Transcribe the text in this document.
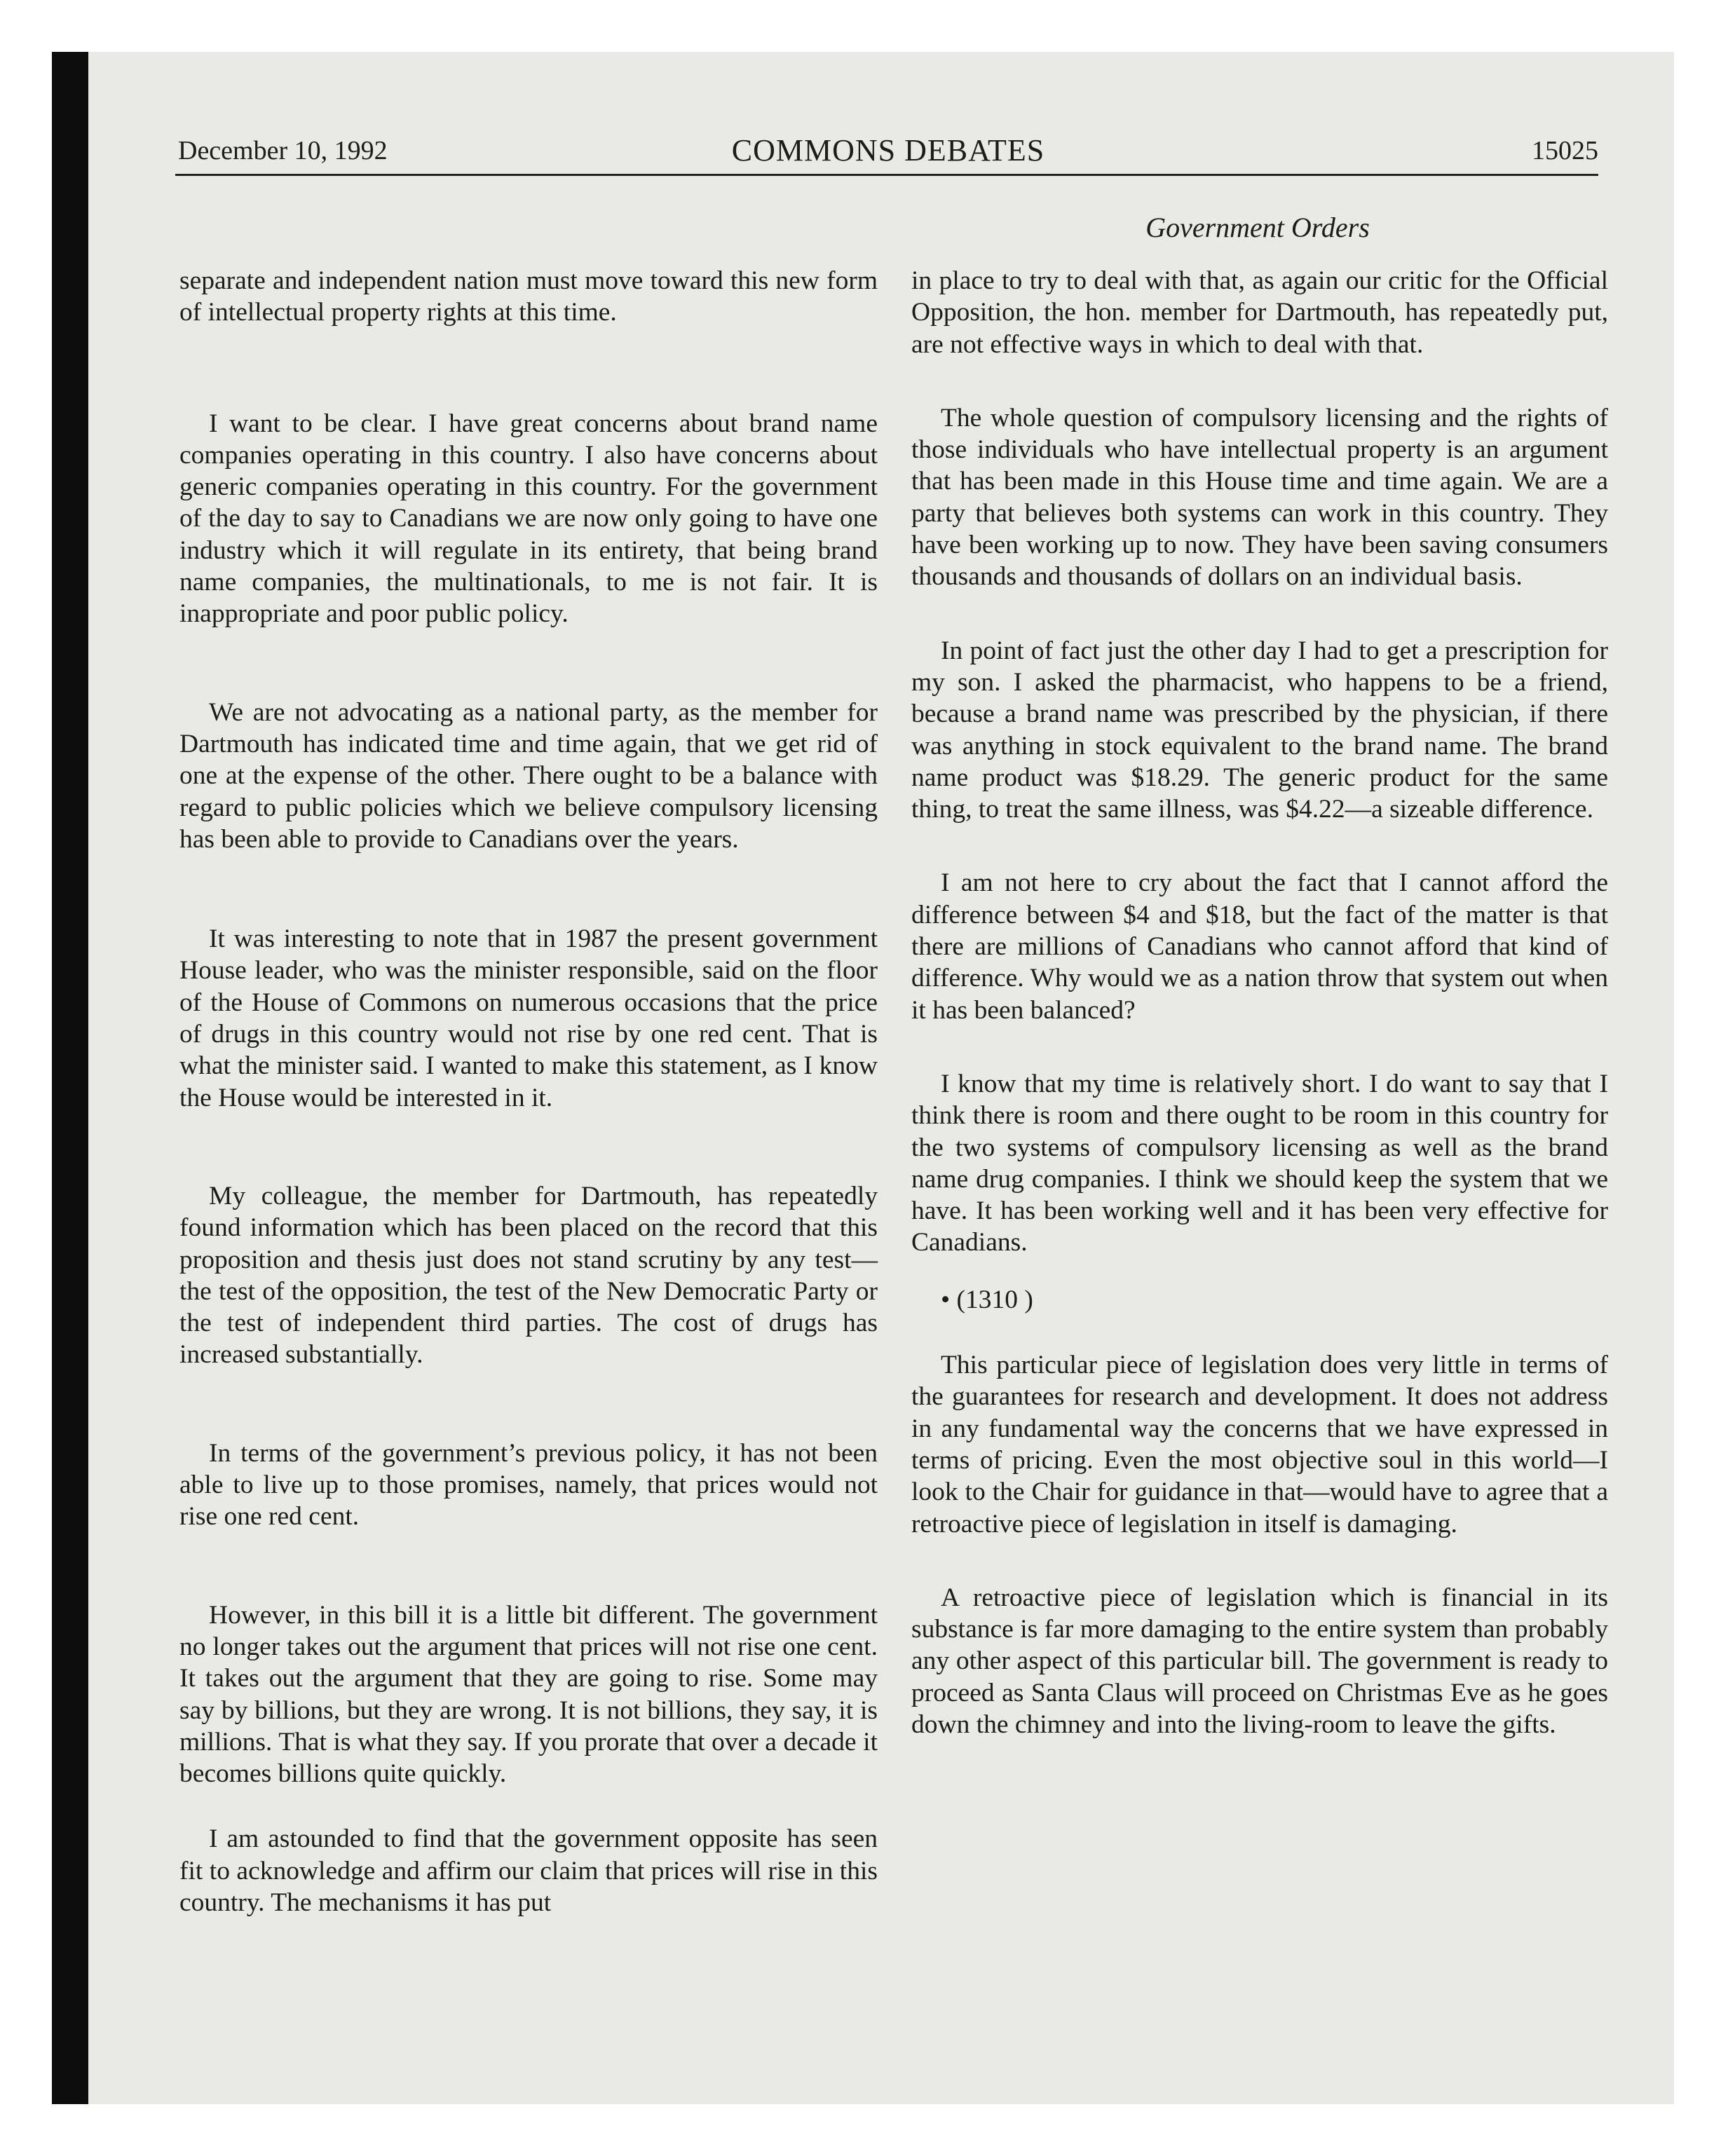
COMMONS DEBATES
December 10, 1992	15025
Government Orders

separate and independent nation must move toward this new form of intellectual property rights at this time.

I want to be clear. I have great concerns about brand name companies operating in this country. I also have concerns about generic companies operating in this country. For the government of the day to say to Canadians we are now only going to have one industry which it will regulate in its entirety, that being brand name companies, the multinationals, to me is not fair. It is inappropriate and poor public policy.

We are not advocating as a national party, as the member for Dartmouth has indicated time and time again, that we get rid of one at the expense of the other. There ought to be a balance with regard to public policies which we believe compulsory licensing has been able to provide to Canadians over the years.

It was interesting to note that in 1987 the present government House leader, who was the minister responsible, said on the floor of the House of Commons on numerous occasions that the price of drugs in this country would not rise by one red cent. That is what the minister said. I wanted to make this statement, as I know the House would be interested in it.

My colleague, the member for Dartmouth, has repeatedly found information which has been placed on the record that this proposition and thesis just does not stand scrutiny by any test—the test of the opposition, the test of the New Democratic Party or the test of independent third parties. The cost of drugs has increased substantially.

In terms of the government’s previous policy, it has not been able to live up to those promises, namely, that prices would not rise one red cent.

However, in this bill it is a little bit different. The government no longer takes out the argument that prices will not rise one cent. It takes out the argument that they are going to rise. Some may say by billions, but they are wrong. It is not billions, they say, it is millions. That is what they say. If you prorate that over a decade it becomes billions quite quickly.

I am astounded to find that the government opposite has seen fit to acknowledge and affirm our claim that prices will rise in this country. The mechanisms it has put

in place to try to deal with that, as again our critic for the Official Opposition, the hon. member for Dartmouth, has repeatedly put, are not effective ways in which to deal with that.

The whole question of compulsory licensing and the rights of those individuals who have intellectual property is an argument that has been made in this House time and time again. We are a party that believes both systems can work in this country. They have been working up to now. They have been saving consumers thousands and thousands of dollars on an individual basis.

In point of fact just the other day I had to get a prescription for my son. I asked the pharmacist, who happens to be a friend, because a brand name was prescribed by the physician, if there was anything in stock equivalent to the brand name. The brand name product was $18.29. The generic product for the same thing, to treat the same illness, was $4.22—a sizeable difference.

I am not here to cry about the fact that I cannot afford the difference between $4 and $18, but the fact of the matter is that there are millions of Canadians who cannot afford that kind of difference. Why would we as a nation throw that system out when it has been balanced?

I know that my time is relatively short. I do want to say that I think there is room and there ought to be room in this country for the two systems of compulsory licensing as well as the brand name drug companies. I think we should keep the system that we have. It has been working well and it has been very effective for Canadians.

• (1310 )

This particular piece of legislation does very little in terms of the guarantees for research and development. It does not address in any fundamental way the concerns that we have expressed in terms of pricing. Even the most objective soul in this world—I look to the Chair for guidance in that—would have to agree that a retroactive piece of legislation in itself is damaging.

A retroactive piece of legislation which is financial in its substance is far more damaging to the entire system than probably any other aspect of this particular bill. The government is ready to proceed as Santa Claus will proceed on Christmas Eve as he goes down the chimney and into the living-room to leave the gifts.
